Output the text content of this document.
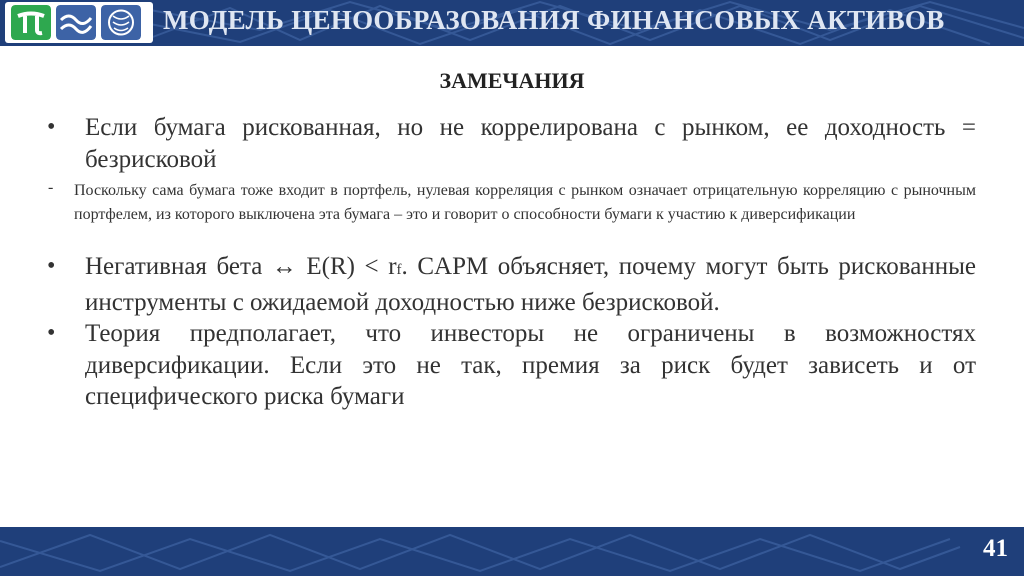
МОДЕЛЬ ЦЕНООБРАЗОВАНИЯ ФИНАНСОВЫХ АКТИВОВ
ЗАМЕЧАНИЯ
• Если бумага рискованная, но не коррелирована с рынком, ее доходность = безрисковой
- Поскольку сама бумага тоже входит в портфель, нулевая корреляция с рынком означает отрицательную корреляцию с рыночным портфелем, из которого выключена эта бумага – это и говорит о способности бумаги к участию к диверсификации
• Негативная бета ↔ E(R) < rf. CAPM объясняет, почему могут быть рискованные инструменты с ожидаемой доходностью ниже безрисковой.
• Теория предполагает, что инвесторы не ограничены в возможностях диверсификации. Если это не так, премия за риск будет зависеть и от специфического риска бумаги
41
